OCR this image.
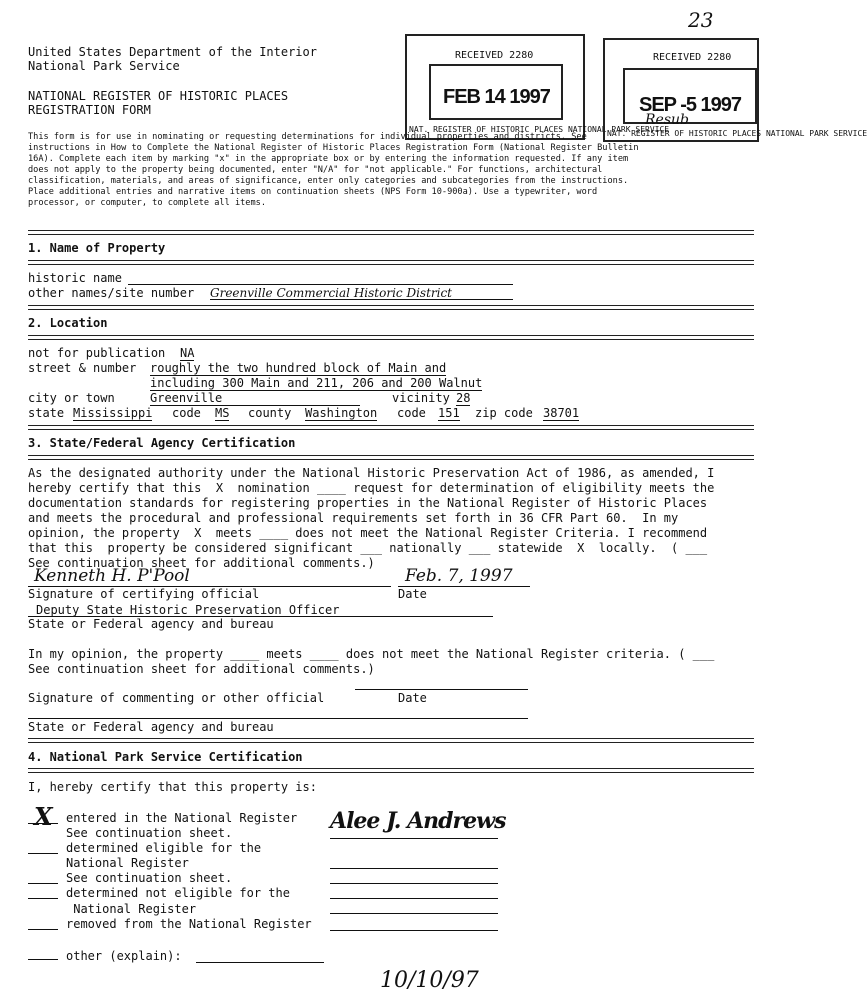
23
United States Department of the Interior
National Park Service
NATIONAL REGISTER OF HISTORIC PLACES
REGISTRATION FORM
RECEIVED 2280
FEB 14 1997
NAT. REGISTER OF HISTORIC PLACES NATIONAL PARK SERVICE
RECEIVED 2280
SEP -5 1997
Resub
NAT. REGISTER OF HISTORIC PLACES NATIONAL PARK SERVICE
This form is for use in nominating or requesting determinations for individual properties and districts. See
instructions in How to Complete the National Register of Historic Places Registration Form (National Register Bulletin
16A). Complete each item by marking "x" in the appropriate box or by entering the information requested. If any item
does not apply to the property being documented, enter "N/A" for "not applicable." For functions, architectural
classification, materials, and areas of significance, enter only categories and subcategories from the instructions.
Place additional entries and narrative items on continuation sheets (NPS Form 10-900a). Use a typewriter, word
processor, or computer, to complete all items.
1. Name of Property
historic name
other names/site number Greenville Commercial Historic District
2. Location
not for publication NA
street & number roughly the two hundred block of Main and
including 300 Main and 211, 206 and 200 Walnut
city or town	Greenville	vicinity 28
state Mississippi code MS county Washington code 151 zip code 38701
3. State/Federal Agency Certification
As the designated authority under the National Historic Preservation Act of 1986, as amended, I
hereby certify that this  X  nomination ____ request for determination of eligibility meets the
documentation standards for registering properties in the National Register of Historic Places
and meets the procedural and professional requirements set forth in 36 CFR Part 60.  In my
opinion, the property  X  meets ____ does not meet the National Register Criteria. I recommend
that this  property be considered significant ___ nationally ___ statewide  X  locally.  ( ___
See continuation sheet for additional comments.)
Kenneth H. P'Pool	Feb. 7, 1997
Signature of certifying official	Date
Deputy State Historic Preservation Officer
State or Federal agency and bureau
In my opinion, the property ____ meets ____ does not meet the National Register criteria. ( ___
See continuation sheet for additional comments.)
Signature of commenting or other official	Date
State or Federal agency and bureau
4. National Park Service Certification
I, hereby certify that this property is:
X entered in the National Register
See continuation sheet.
determined eligible for the
National Register
See continuation sheet.
determined not eligible for the
National Register
removed from the National Register
Alee J. Andrews
other (explain):
10/10/97
